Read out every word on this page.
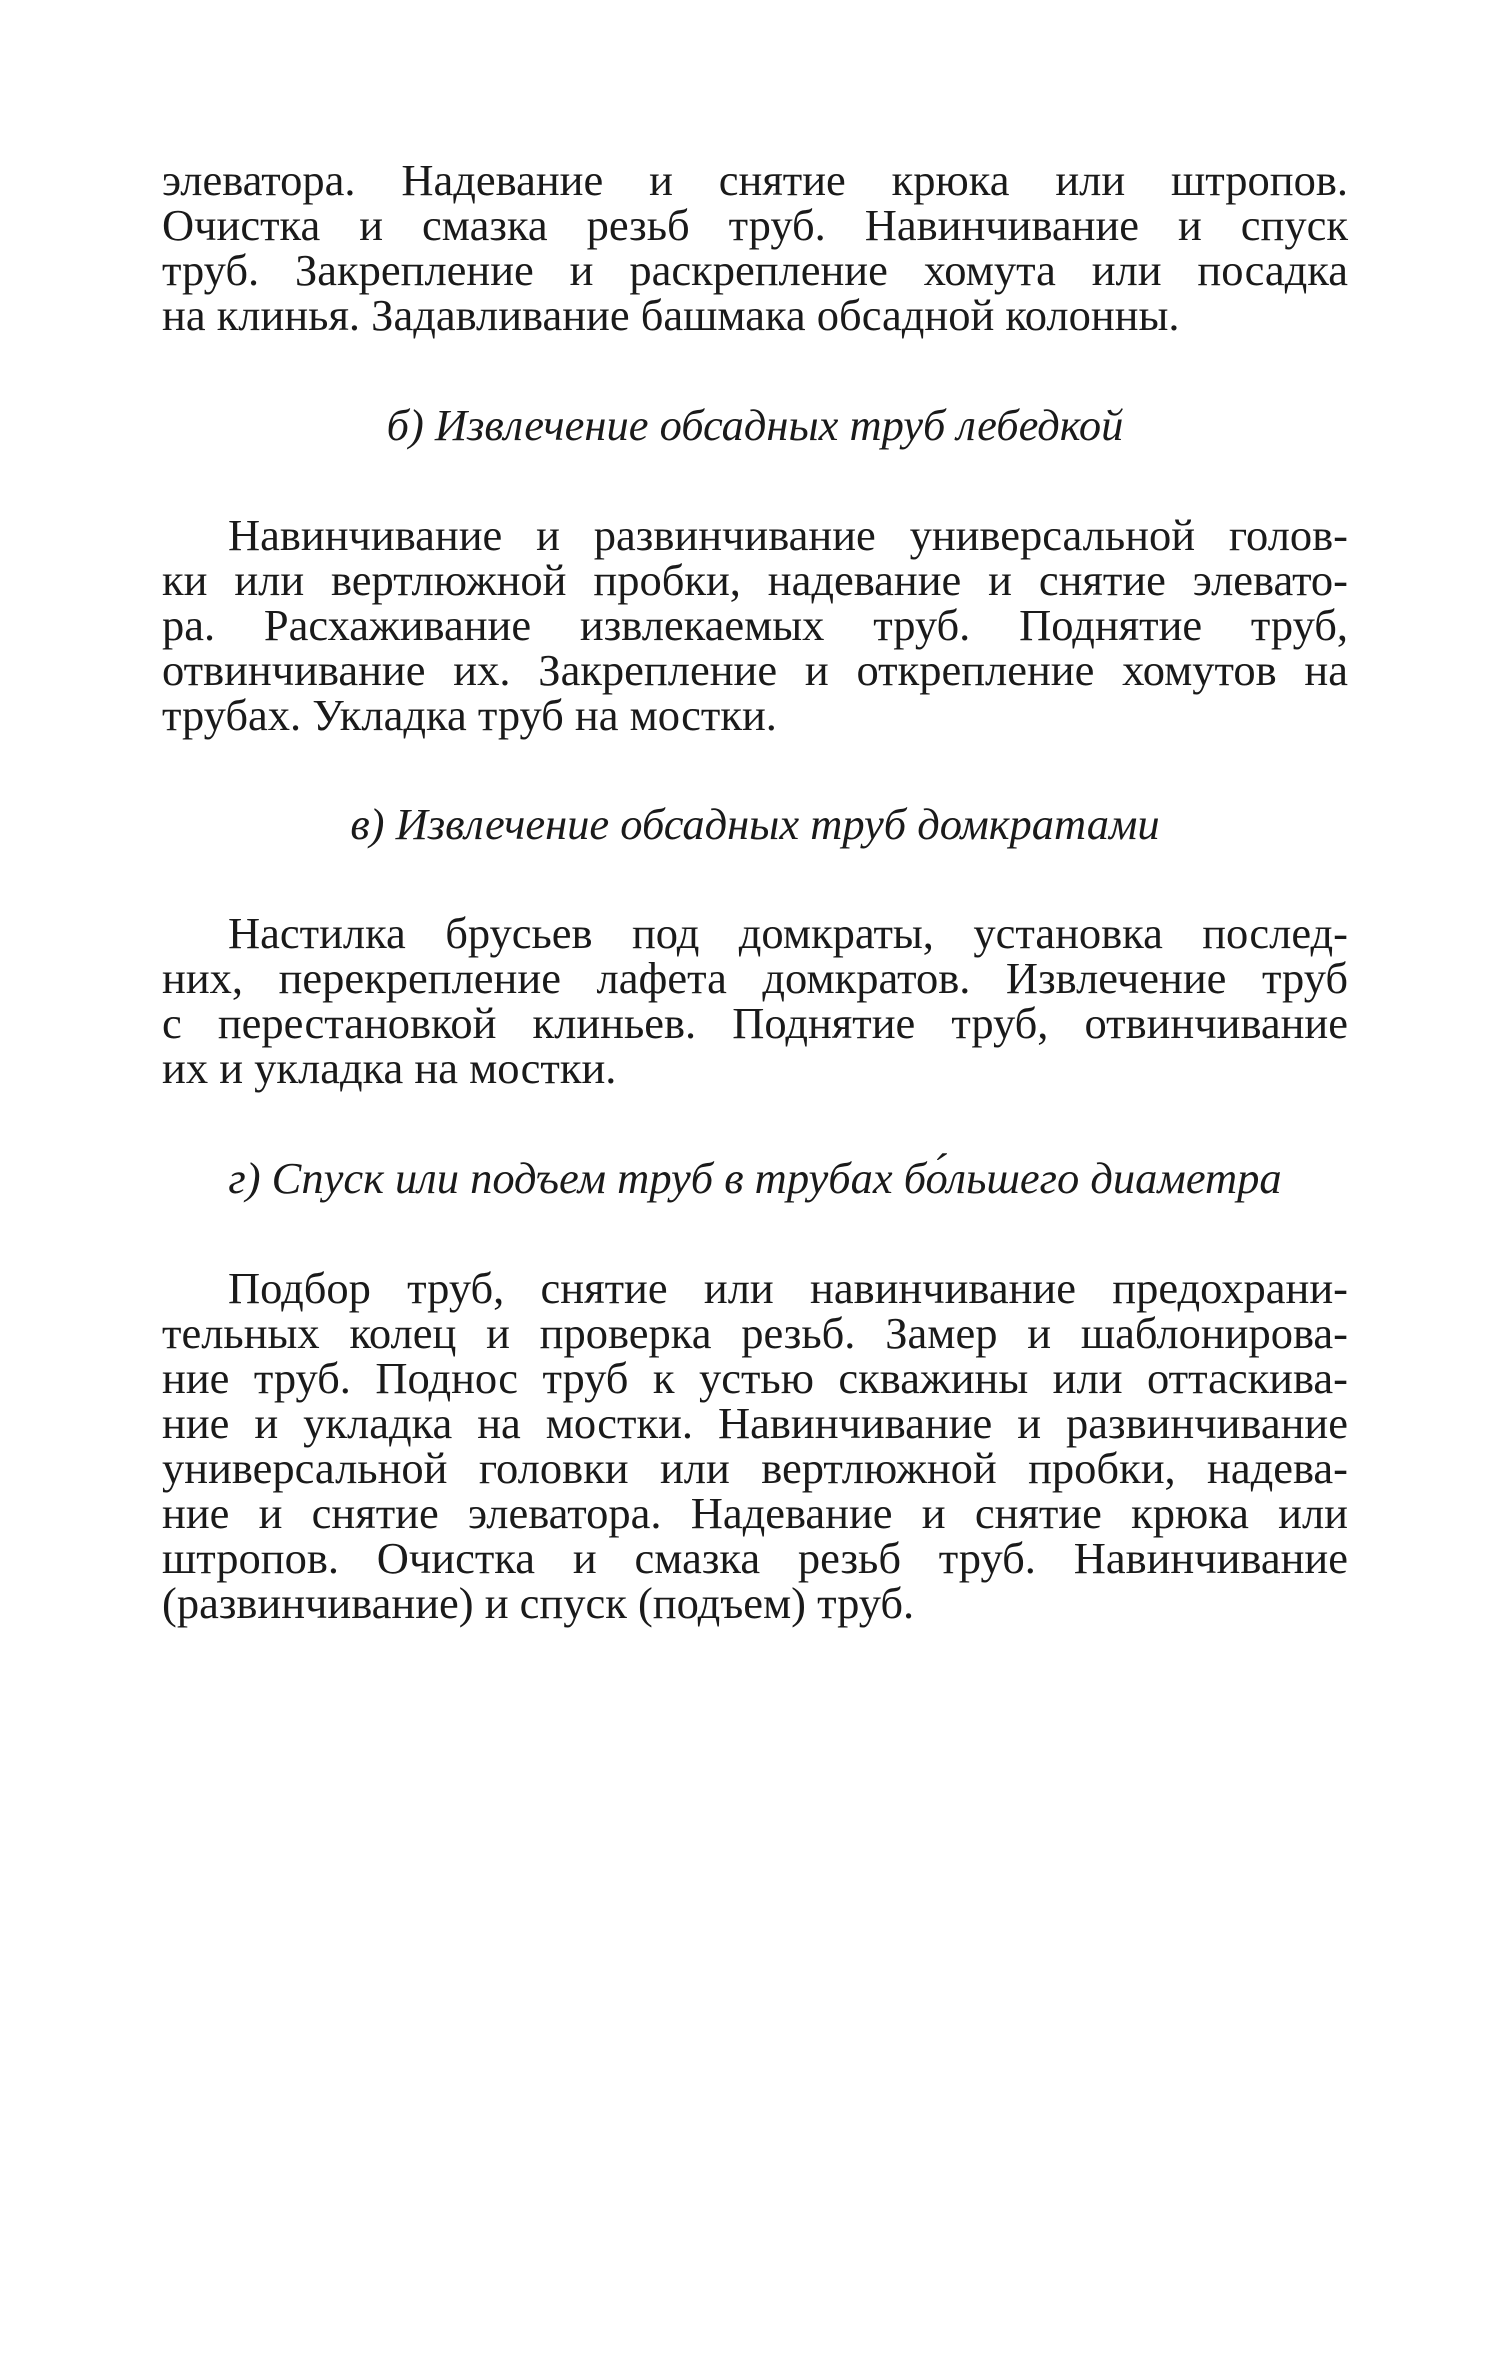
элеватора. Надевание и снятие крюка или штропов.
Очистка и смазка резьб труб. Навинчивание и спуск
труб. Закрепление и раскрепление хомута или посадка
на клинья. Задавливание башмака обсадной колонны.
б) Извлечение обсадных труб лебедкой
Навинчивание и развинчивание универсальной голов-
ки или вертлюжной пробки, надевание и снятие элевато-
ра. Расхаживание извлекаемых труб. Поднятие труб,
отвинчивание их. Закрепление и открепление хомутов на
трубах. Укладка труб на мостки.
в) Извлечение обсадных труб домкратами
Настилка брусьев под домкраты, установка послед-
них, перекрепление лафета домкратов. Извлечение труб
с перестановкой клиньев. Поднятие труб, отвинчивание
их и укладка на мостки.
г) Спуск или подъем труб в трубах бо́льшего диаметра
Подбор труб, снятие или навинчивание предохрани-
тельных колец и проверка резьб. Замер и шаблонирова-
ние труб. Поднос труб к устью скважины или оттаскива-
ние и укладка на мостки. Навинчивание и развинчивание
универсальной головки или вертлюжной пробки, надева-
ние и снятие элеватора. Надевание и снятие крюка или
штропов. Очистка и смазка резьб труб. Навинчивание
(развинчивание) и спуск (подъем) труб.
